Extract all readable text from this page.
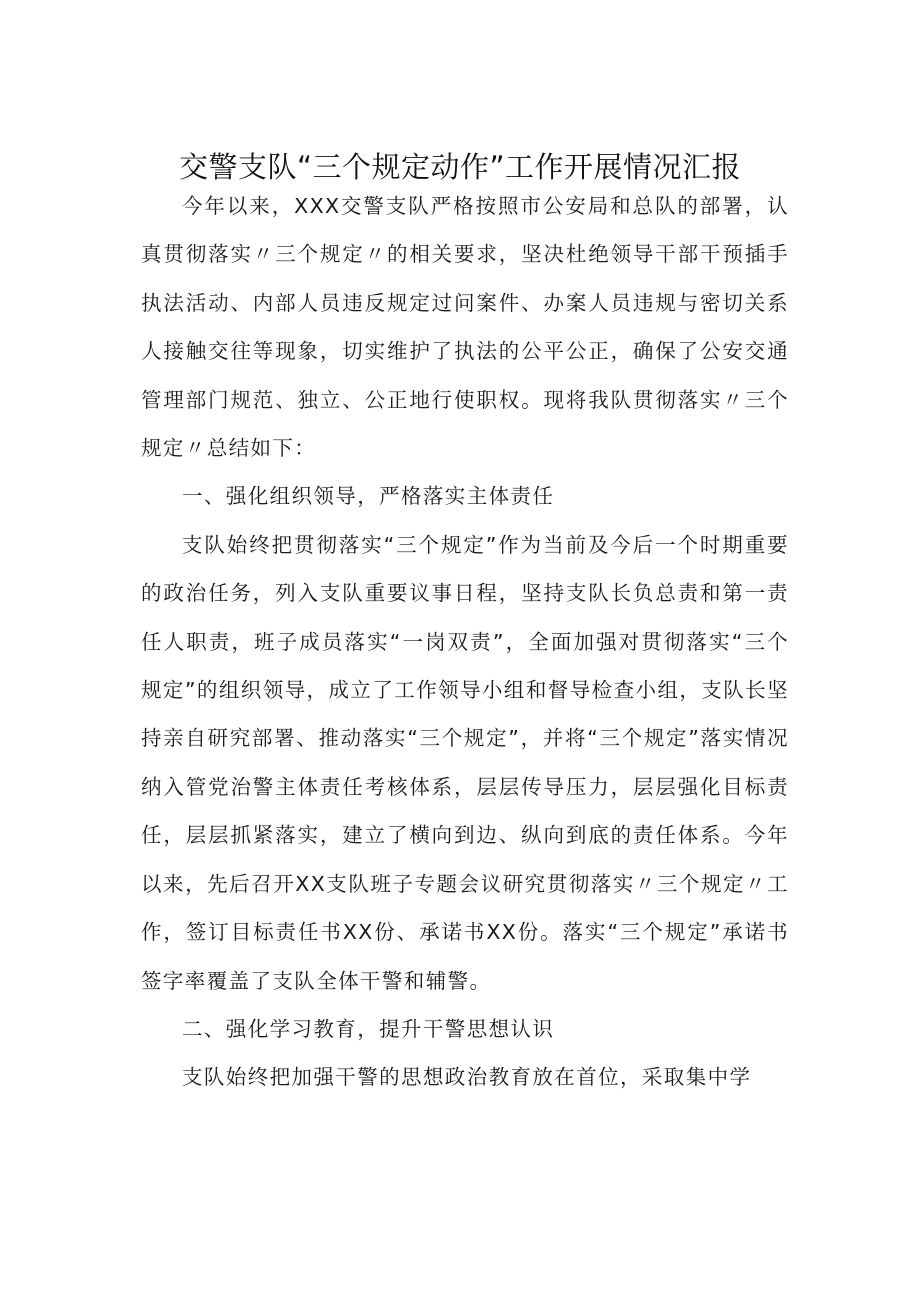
交警支队“三个规定动作”工作开展情况汇报

今年以来，XXX交警支队严格按照市公安局和总队的部署，认真贯彻落实〃三个规定〃的相关要求，坚决杜绝领导干部干预插手执法活动、内部人员违反规定过问案件、办案人员违规与密切关系人接触交往等现象，切实维护了执法的公平公正，确保了公安交通管理部门规范、独立、公正地行使职权。现将我队贯彻落实〃三个规定〃总结如下：

一、强化组织领导，严格落实主体责任

支队始终把贯彻落实“三个规定”作为当前及今后一个时期重要的政治任务，列入支队重要议事日程，坚持支队长负总责和第一责任人职责，班子成员落实“一岗双责”，全面加强对贯彻落实“三个规定”的组织领导，成立了工作领导小组和督导检查小组，支队长坚持亲自研究部署、推动落实“三个规定”，并将“三个规定”落实情况纳入管党治警主体责任考核体系，层层传导压力，层层强化目标责任，层层抓紧落实，建立了横向到边、纵向到底的责任体系。今年以来，先后召开XX支队班子专题会议研究贯彻落实〃三个规定〃工作，签订目标责任书XX份、承诺书XX份。落实“三个规定”承诺书签字率覆盖了支队全体干警和辅警。

二、强化学习教育，提升干警思想认识

支队始终把加强干警的思想政治教育放在首位，采取集中学
